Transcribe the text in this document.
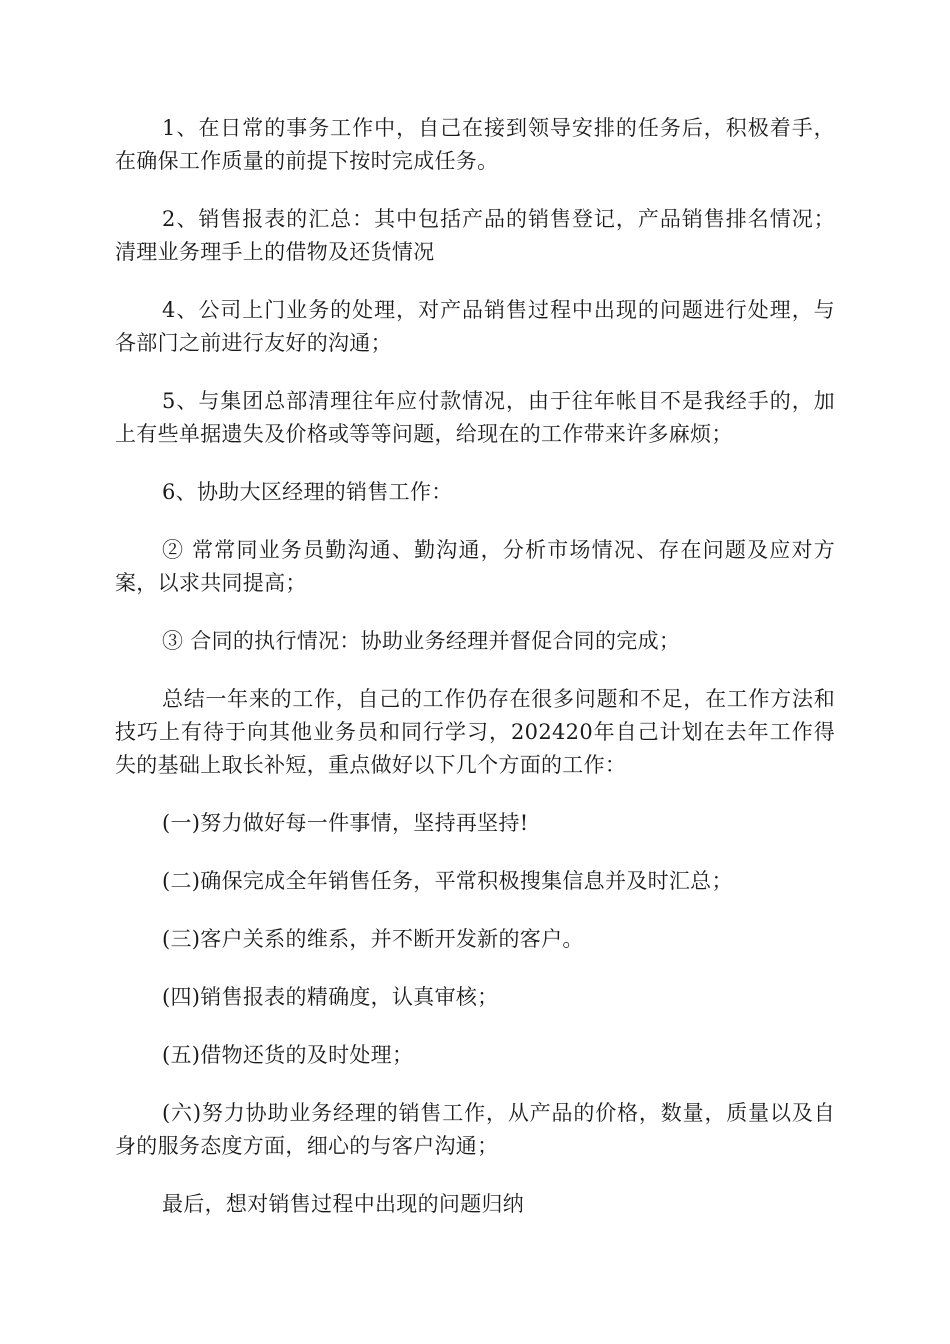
1、在日常的事务工作中，自己在接到领导安排的任务后，积极着手，在确保工作质量的前提下按时完成任务。

2、销售报表的汇总：其中包括产品的销售登记，产品销售排名情况；清理业务理手上的借物及还货情况

4、公司上门业务的处理，对产品销售过程中出现的问题进行处理，与各部门之前进行友好的沟通；

5、与集团总部清理往年应付款情况，由于往年帐目不是我经手的，加上有些单据遗失及价格或等等问题，给现在的工作带来许多麻烦；

6、协助大区经理的销售工作：

② 常常同业务员勤沟通、勤沟通，分析市场情况、存在问题及应对方案，以求共同提高；

③ 合同的执行情况：协助业务经理并督促合同的完成；

总结一年来的工作，自己的工作仍存在很多问题和不足，在工作方法和技巧上有待于向其他业务员和同行学习，202420年自己计划在去年工作得失的基础上取长补短，重点做好以下几个方面的工作：

(一)努力做好每一件事情，坚持再坚持!

(二)确保完成全年销售任务，平常积极搜集信息并及时汇总；

(三)客户关系的维系，并不断开发新的客户。

(四)销售报表的精确度，认真审核；

(五)借物还货的及时处理；

(六)努力协助业务经理的销售工作，从产品的价格，数量，质量以及自身的服务态度方面，细心的与客户沟通；

最后，想对销售过程中出现的问题归纳
